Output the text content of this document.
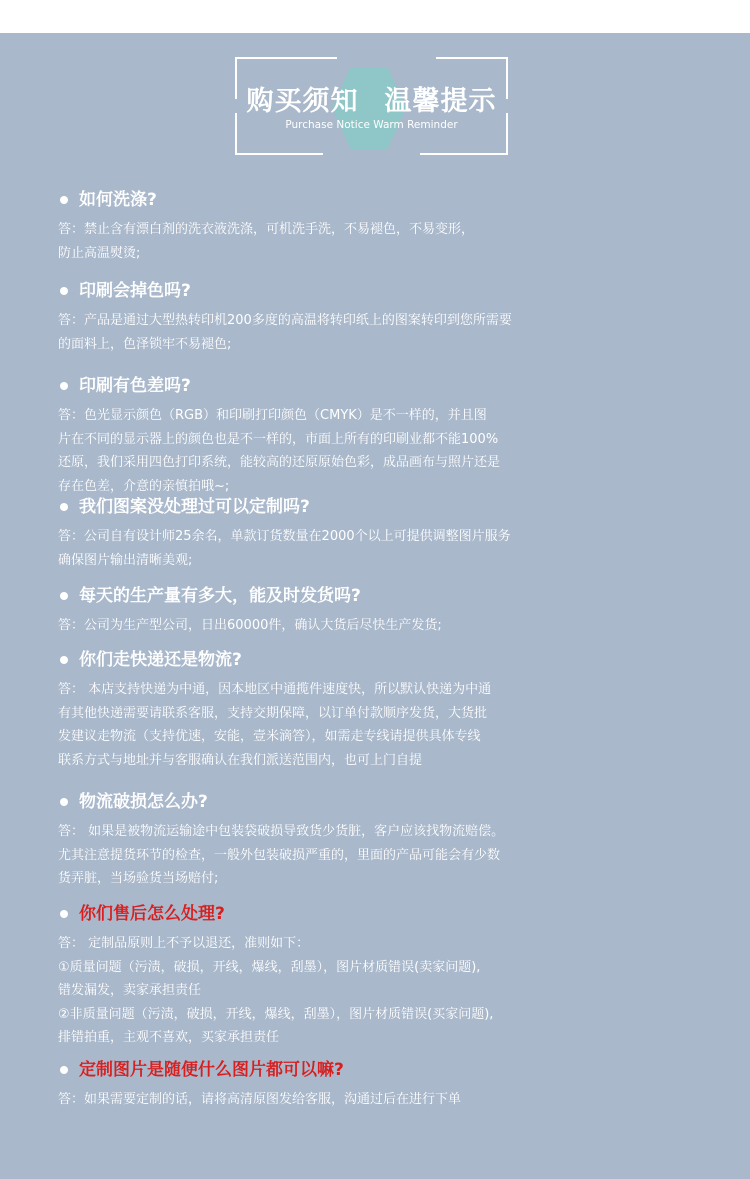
购买须知 温馨提示
Purchase Notice Warm Reminder
如何洗涤?
答：禁止含有漂白剂的洗衣液洗涤，可机洗手洗，不易褪色，不易变形，
防止高温熨烫;
印刷会掉色吗?
答：产品是通过大型热转印机200多度的高温将转印纸上的图案转印到您所需要
的面料上，色泽锁牢不易褪色;
印刷有色差吗?
答：色光显示颜色（RGB）和印刷打印颜色（CMYK）是不一样的，并且图
片在不同的显示器上的颜色也是不一样的，市面上所有的印刷业都不能100%
还原，我们采用四色打印系统，能较高的还原原始色彩，成品画布与照片还是
存在色差，介意的亲慎拍哦~;
我们图案没处理过可以定制吗?
答：公司自有设计师25余名，单款订货数量在2000个以上可提供调整图片服务
确保图片输出清晰美观;
每天的生产量有多大，能及时发货吗?
答：公司为生产型公司，日出60000件，确认大货后尽快生产发货;
你们走快递还是物流?
答： 本店支持快递为中通，因本地区中通揽件速度快，所以默认快递为中通
有其他快递需要请联系客服，支持交期保障，以订单付款顺序发货，大货批
发建议走物流（支持优速，安能，壹米滴答），如需走专线请提供具体专线
联系方式与地址并与客服确认在我们派送范围内，也可上门自提
物流破损怎么办?
答： 如果是被物流运输途中包装袋破损导致货少货脏，客户应该找物流赔偿。
尤其注意提货环节的检查，一般外包装破损严重的，里面的产品可能会有少数
货弄脏，当场验货当场赔付;
你们售后怎么处理?
答： 定制品原则上不予以退还，准则如下：
①质量问题（污渍，破损，开线，爆线，刮墨），图片材质错误(卖家问题),
错发漏发，卖家承担责任
②非质量问题（污渍，破损，开线，爆线，刮墨），图片材质错误(买家问题),
排错拍重，主观不喜欢，买家承担责任
定制图片是随便什么图片都可以嘛?
答：如果需要定制的话，请将高清原图发给客服，沟通过后在进行下单
